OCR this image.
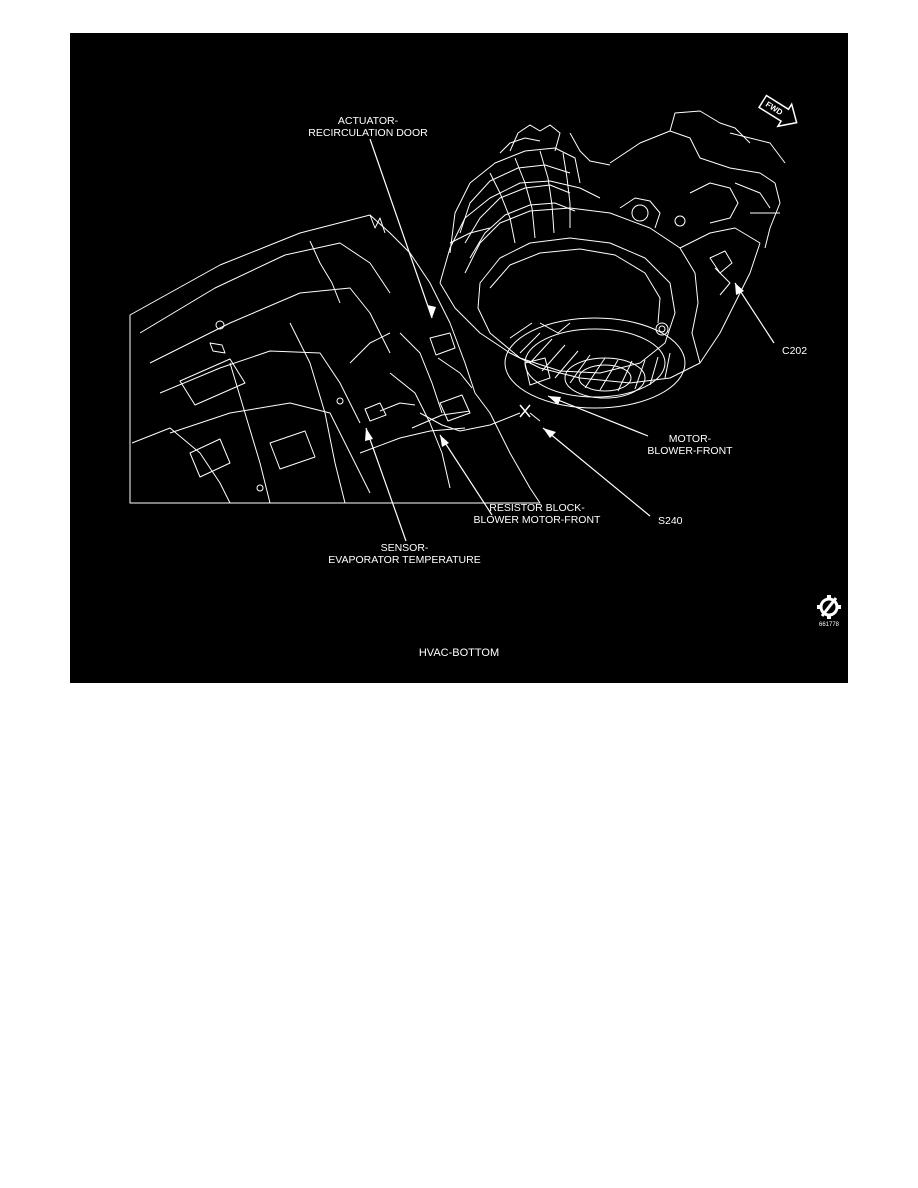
FWD
ACTUATOR-
RECIRCULATION DOOR
C202
MOTOR-
BLOWER-FRONT
S240
RESISTOR BLOCK-
BLOWER MOTOR-FRONT
SENSOR-
EVAPORATOR TEMPERATURE
661778
HVAC-BOTTOM
